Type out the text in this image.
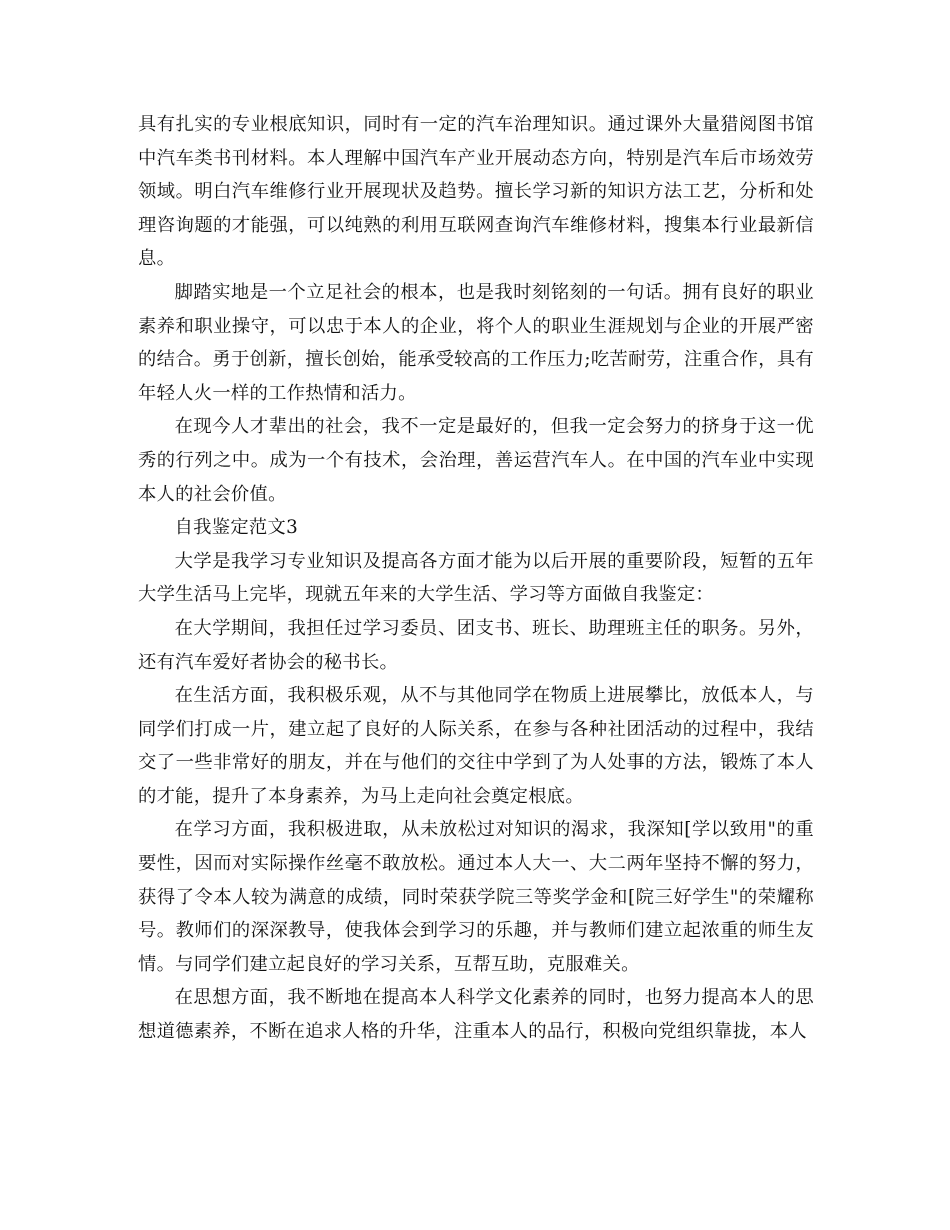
具有扎实的专业根底知识，同时有一定的汽车治理知识。通过课外大量猎阅图书馆中汽车类书刊材料。本人理解中国汽车产业开展动态方向，特别是汽车后市场效劳领域。明白汽车维修行业开展现状及趋势。擅长学习新的知识方法工艺，分析和处理咨询题的才能强，可以纯熟的利用互联网查询汽车维修材料，搜集本行业最新信息。

脚踏实地是一个立足社会的根本，也是我时刻铭刻的一句话。拥有良好的职业素养和职业操守，可以忠于本人的企业，将个人的职业生涯规划与企业的开展严密的结合。勇于创新，擅长创始，能承受较高的工作压力;吃苦耐劳，注重合作，具有年轻人火一样的工作热情和活力。

在现今人才辈出的社会，我不一定是最好的，但我一定会努力的挤身于这一优秀的行列之中。成为一个有技术，会治理，善运营汽车人。在中国的汽车业中实现本人的社会价值。

自我鉴定范文3

大学是我学习专业知识及提高各方面才能为以后开展的重要阶段，短暂的五年大学生活马上完毕，现就五年来的大学生活、学习等方面做自我鉴定：

在大学期间，我担任过学习委员、团支书、班长、助理班主任的职务。另外，还有汽车爱好者协会的秘书长。

在生活方面，我积极乐观，从不与其他同学在物质上进展攀比，放低本人，与同学们打成一片，建立起了良好的人际关系，在参与各种社团活动的过程中，我结交了一些非常好的朋友，并在与他们的交往中学到了为人处事的方法，锻炼了本人的才能，提升了本身素养，为马上走向社会奠定根底。

在学习方面，我积极进取，从未放松过对知识的渴求，我深知[学以致用"的重要性，因而对实际操作丝毫不敢放松。通过本人大一、大二两年坚持不懈的努力，获得了令本人较为满意的成绩，同时荣获学院三等奖学金和[院三好学生"的荣耀称号。教师们的深深教导，使我体会到学习的乐趣，并与教师们建立起浓重的师生友情。与同学们建立起良好的学习关系，互帮互助，克服难关。

在思想方面，我不断地在提高本人科学文化素养的同时，也努力提高本人的思想道德素养，不断在追求人格的升华，注重本人的品行，积极向党组织靠拢，本人
